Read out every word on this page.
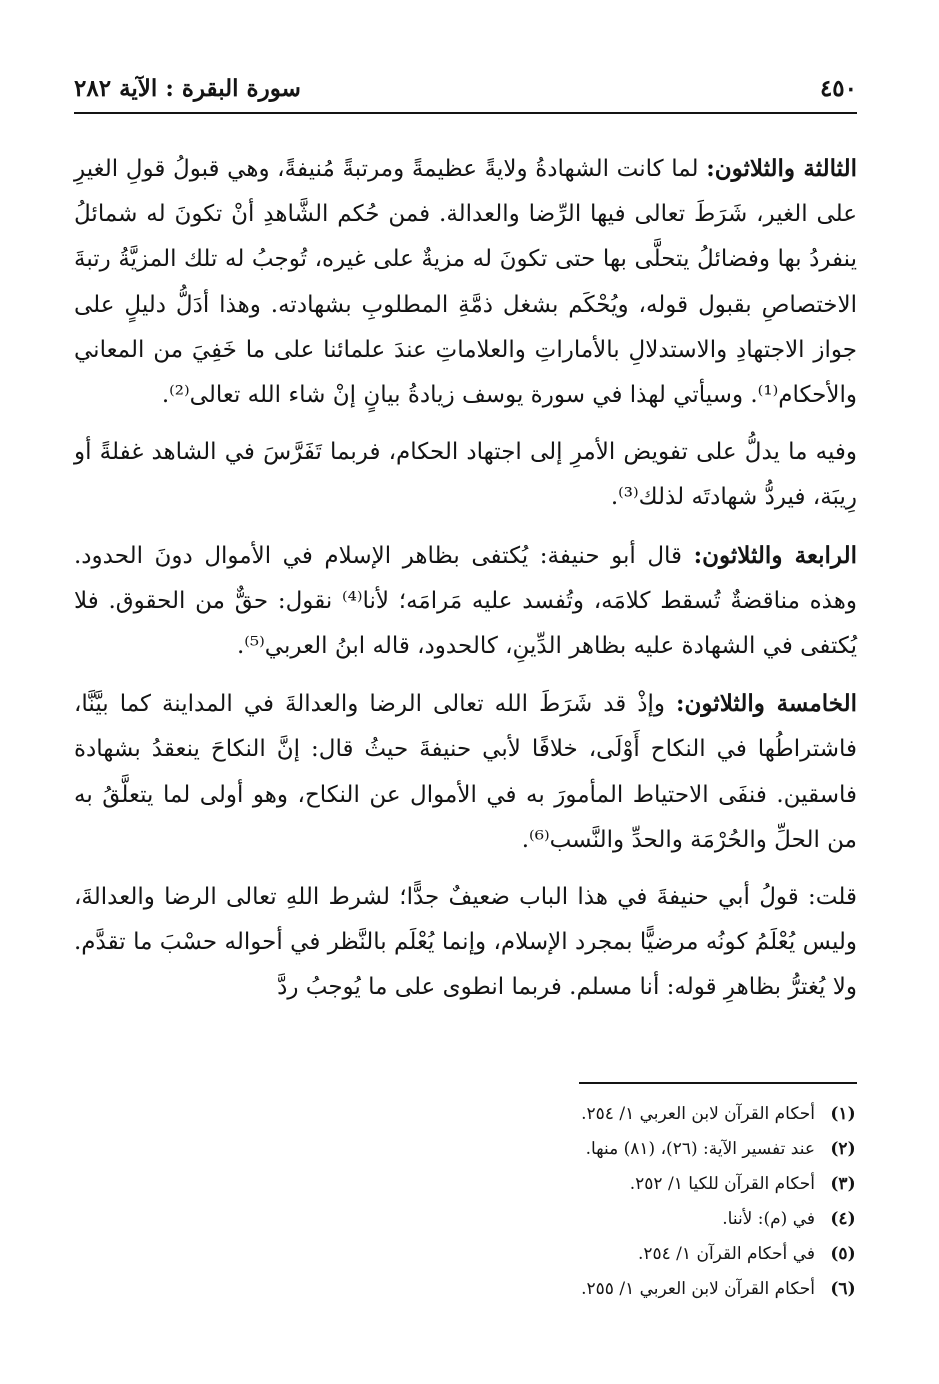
٤٥٠
سورة البقرة : الآية ٢٨٢

الثالثة والثلاثون: لما كانت الشهادةُ ولايةً عظيمةً ومرتبةً مُنيفةً، وهي قبولُ قولِ الغيرِ على الغير، شَرَطَ تعالى فيها الرِّضا والعدالة. فمن حُكم الشَّاهدِ أنْ تكونَ له شمائلُ ينفردُ بها وفضائلُ يتحلَّى بها حتى تكونَ له مزيةٌ على غيره، تُوجبُ له تلك المزيَّةُ رتبةَ الاختصاصِ بقبول قوله، ويُحْكَم بشغل ذمَّةِ المطلوبِ بشهادته. وهذا أدَلُّ دليلٍ على جواز الاجتهادِ والاستدلالِ بالأماراتِ والعلاماتِ عندَ علمائنا على ما خَفِيَ من المعاني والأحكام⁽¹⁾. وسيأتي لهذا في سورة يوسف زيادةُ بيانٍ إنْ شاء الله تعالى⁽²⁾.

وفيه ما يدلُّ على تفويض الأمرِ إلى اجتهاد الحكام، فربما تَفَرَّسَ في الشاهد غفلةً أو رِيبَة، فيردُّ شهادتَه لذلك⁽³⁾.

الرابعة والثلاثون: قال أبو حنيفة: يُكتفى بظاهر الإسلام في الأموال دونَ الحدود. وهذه مناقضةٌ تُسقط كلامَه، وتُفسد عليه مَرامَه؛ لأنا⁽⁴⁾ نقول: حقٌّ من الحقوق. فلا يُكتفى في الشهادة عليه بظاهر الدِّينِ، كالحدود، قاله ابنُ العربي⁽⁵⁾.

الخامسة والثلاثون: وإذْ قد شَرَطَ الله تعالى الرضا والعدالةَ في المداينة كما بيَّنَّا، فاشتراطُها في النكاح أَوْلَى، خلافًا لأبي حنيفةَ حيثُ قال: إنَّ النكاحَ ينعقدُ بشهادة فاسقين. فنفَى الاحتياط المأمورَ به في الأموال عن النكاح، وهو أولى لما يتعلَّقُ به من الحلِّ والحُرْمَة والحدِّ والنَّسب⁽⁶⁾.

قلت: قولُ أبي حنيفةَ في هذا الباب ضعيفٌ جدًّا؛ لشرط اللهِ تعالى الرضا والعدالةَ، وليس يُعْلَمُ كونُه مرضيًّا بمجرد الإسلام، وإنما يُعْلَم بالنَّظر في أحواله حسْبَ ما تقدَّم. ولا يُغترُّ بظاهرِ قوله: أنا مسلم. فربما انطوى على ما يُوجبُ ردَّ

(١)
أحكام القرآن لابن العربي ١/ ٢٥٤.
(٢)
عند تفسير الآية: (٢٦)، (٨١) منها.
(٣)
أحكام القرآن للكيا ١/ ٢٥٢.
(٤)
في (م): لأننا.
(٥)
في أحكام القرآن ١/ ٢٥٤.
(٦)
أحكام القرآن لابن العربي ١/ ٢٥٥.
